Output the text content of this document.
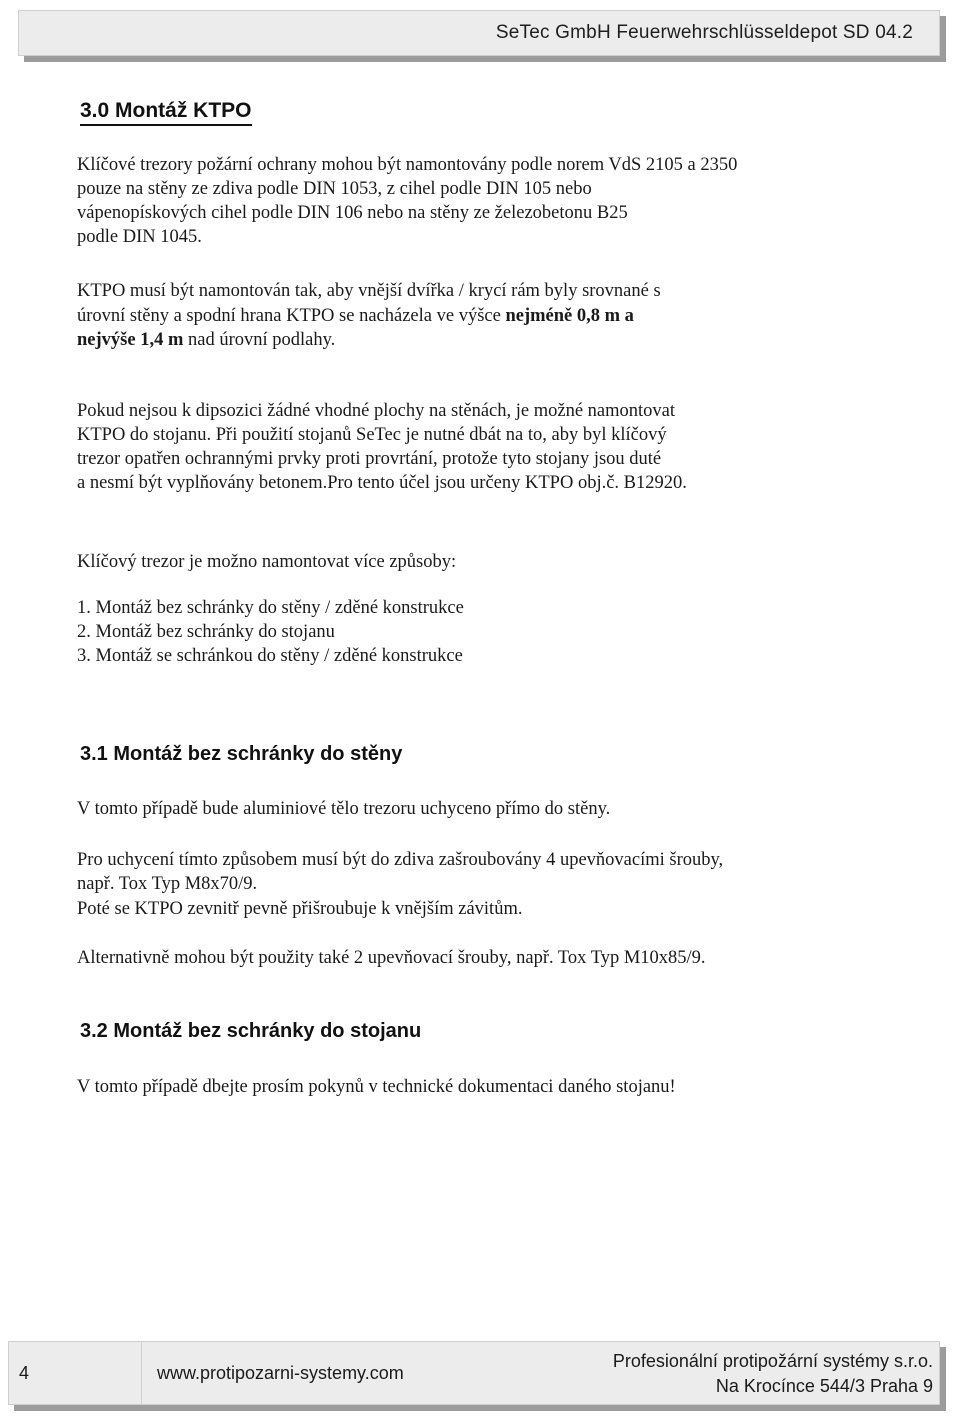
SeTec GmbH Feuerwehrschlüsseldepot SD 04.2
3.0 Montáž KTPO
Klíčové trezory požární ochrany mohou být namontovány podle norem VdS 2105 a 2350
pouze na stěny ze zdiva podle DIN 1053, z cihel podle DIN 105 nebo
vápenopískových cihel podle DIN 106 nebo na stěny ze železobetonu B25
podle DIN 1045.
KTPO musí být namontován tak, aby vnější dvířka / krycí rám byly srovnané s
úrovní stěny a spodní hrana KTPO se nacházela ve výšce nejméně 0,8 m a
nejvýše 1,4 m nad úrovní podlahy.
Pokud nejsou k dipsozici žádné vhodné plochy na stěnách, je možné namontovat
KTPO do stojanu. Při použití stojanů SeTec je nutné dbát na to, aby byl klíčový
trezor opatřen ochrannými prvky proti provrtání, protože tyto stojany jsou duté
a nesmí být vyplňovány betonem.Pro tento účel jsou určeny KTPO obj.č. B12920.
Klíčový trezor je možno namontovat více způsoby:
1. Montáž bez schránky do stěny / zděné konstrukce
2. Montáž bez schránky do stojanu
3. Montáž se schránkou do stěny / zděné konstrukce
3.1 Montáž bez schránky do stěny
V tomto případě bude aluminiové tělo trezoru uchyceno přímo do stěny.
Pro uchycení tímto způsobem musí být do zdiva zašroubovány 4 upevňovacími šrouby,
např. Tox Typ M8x70/9.
Poté se KTPO zevnitř pevně přišroubuje k vnějším závitům.
Alternativně mohou být použity také 2 upevňovací šrouby, např. Tox Typ M10x85/9.
3.2 Montáž bez schránky do stojanu
V tomto případě dbejte prosím pokynů v technické dokumentaci daného stojanu!
4	www.protipozarni-systemy.com
Profesionální protipožární systémy s.r.o.
Na Krocínce 544/3 Praha 9
